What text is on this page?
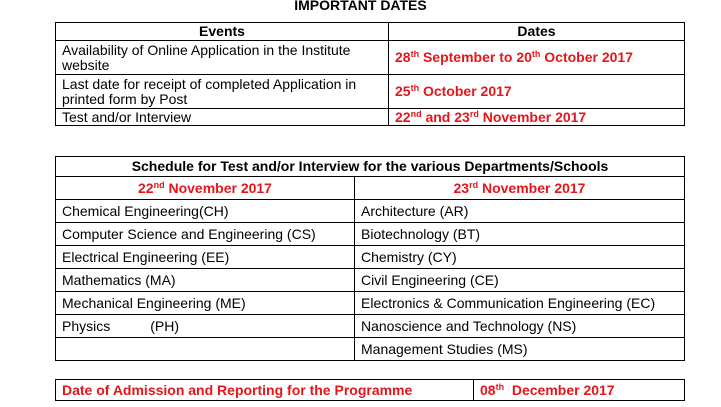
IMPORTANT DATES
Events	Dates

Availability of Online Application in the Institute
website	28th September to 20th October 2017

Last date for receipt of completed Application in
printed form by Post	25th October 2017
Test and/or Interview	22nd and 23rd November 2017
Schedule for Test and/or Interview for the various Departments/Schools	
22nd November 2017	23rd November 2017
Chemical Engineering(CH)	Architecture (AR)
Computer Science and Engineering (CS)	Biotechnology (BT)
Electrical Engineering (EE)	Chemistry (CY)
Mathematics (MA)	Civil Engineering (CE)
Mechanical Engineering (ME)	Electronics & Communication Engineering (EC)
Physics (PH)	Nanoscience and Technology (NS)
	Management Studies (MS)
Date of Admission and Reporting for the Programme	08th  December 2017
